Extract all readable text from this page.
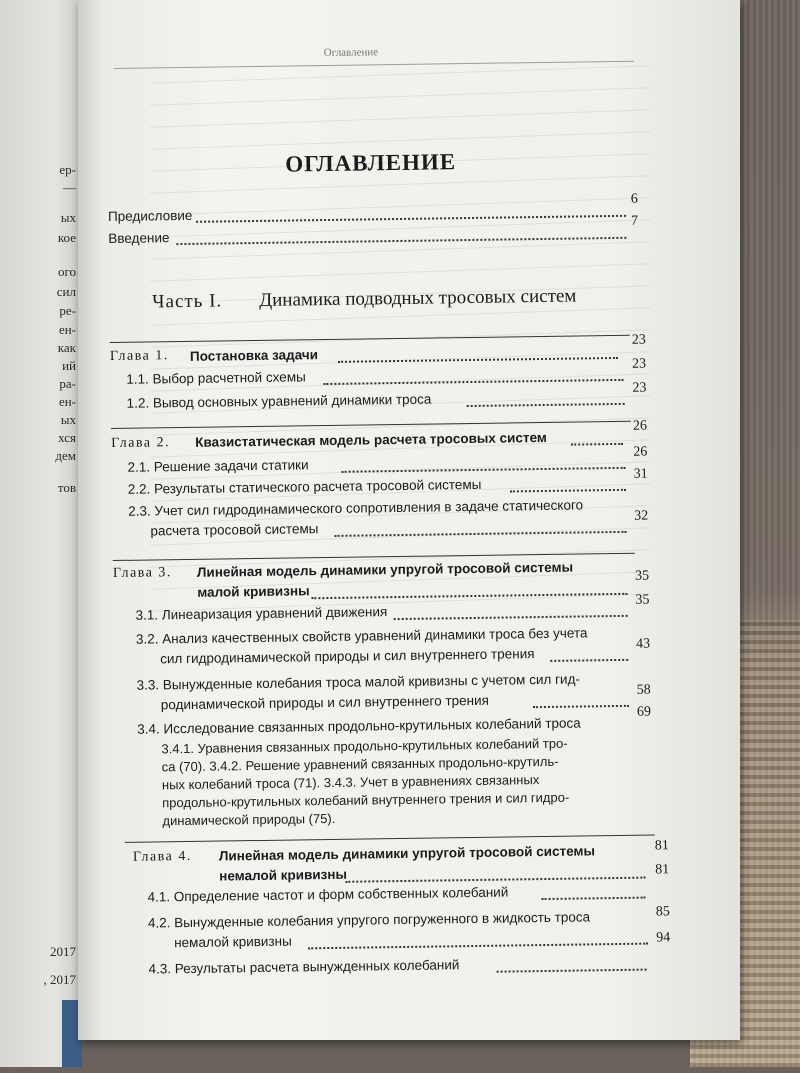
ер-
—
ых
кое
ого
сил
ре-
ен-
как
ий
ра-
ен-
ых
хся
дем
тов
2017
, 2017
Оглавление
ОГЛАВЛЕНИЕ
Предисловие
6
Введение
7
Часть I. Динамика подводных тросовых систем
Глава 1. Постановка задачи
23
1.1. Выбор расчетной схемы
23
1.2. Вывод основных уравнений динамики троса
23
Глава 2. Квазистатическая модель расчета тросовых систем
26
2.1. Решение задачи статики
26
2.2. Результаты статического расчета тросовой системы
31
2.3. Учет сил гидродинамического сопротивления в задаче статического
расчета тросовой системы
32
Глава 3. Линейная модель динамики упругой тросовой системы
малой кривизны
35
3.1. Линеаризация уравнений движения
35
3.2. Анализ качественных свойств уравнений динамики троса без учета
сил гидродинамической природы и сил внутреннего трения
43
3.3. Вынужденные колебания троса малой кривизны с учетом сил гид-
родинамической природы и сил внутреннего трения
58
3.4. Исследование связанных продольно-крутильных колебаний троса
69
3.4.1. Уравнения связанных продольно-крутильных колебаний тро-
са (70). 3.4.2. Решение уравнений связанных продольно-крутиль-
ных колебаний троса (71). 3.4.3. Учет в уравнениях связанных
продольно-крутильных колебаний внутреннего трения и сил гидро-
динамической природы (75).
Глава 4. Линейная модель динамики упругой тросовой системы
немалой кривизны
81
4.1. Определение частот и форм собственных колебаний
81
4.2. Вынужденные колебания упругого погруженного в жидкость троса
немалой кривизны
85
4.3. Результаты расчета вынужденных колебаний
94
